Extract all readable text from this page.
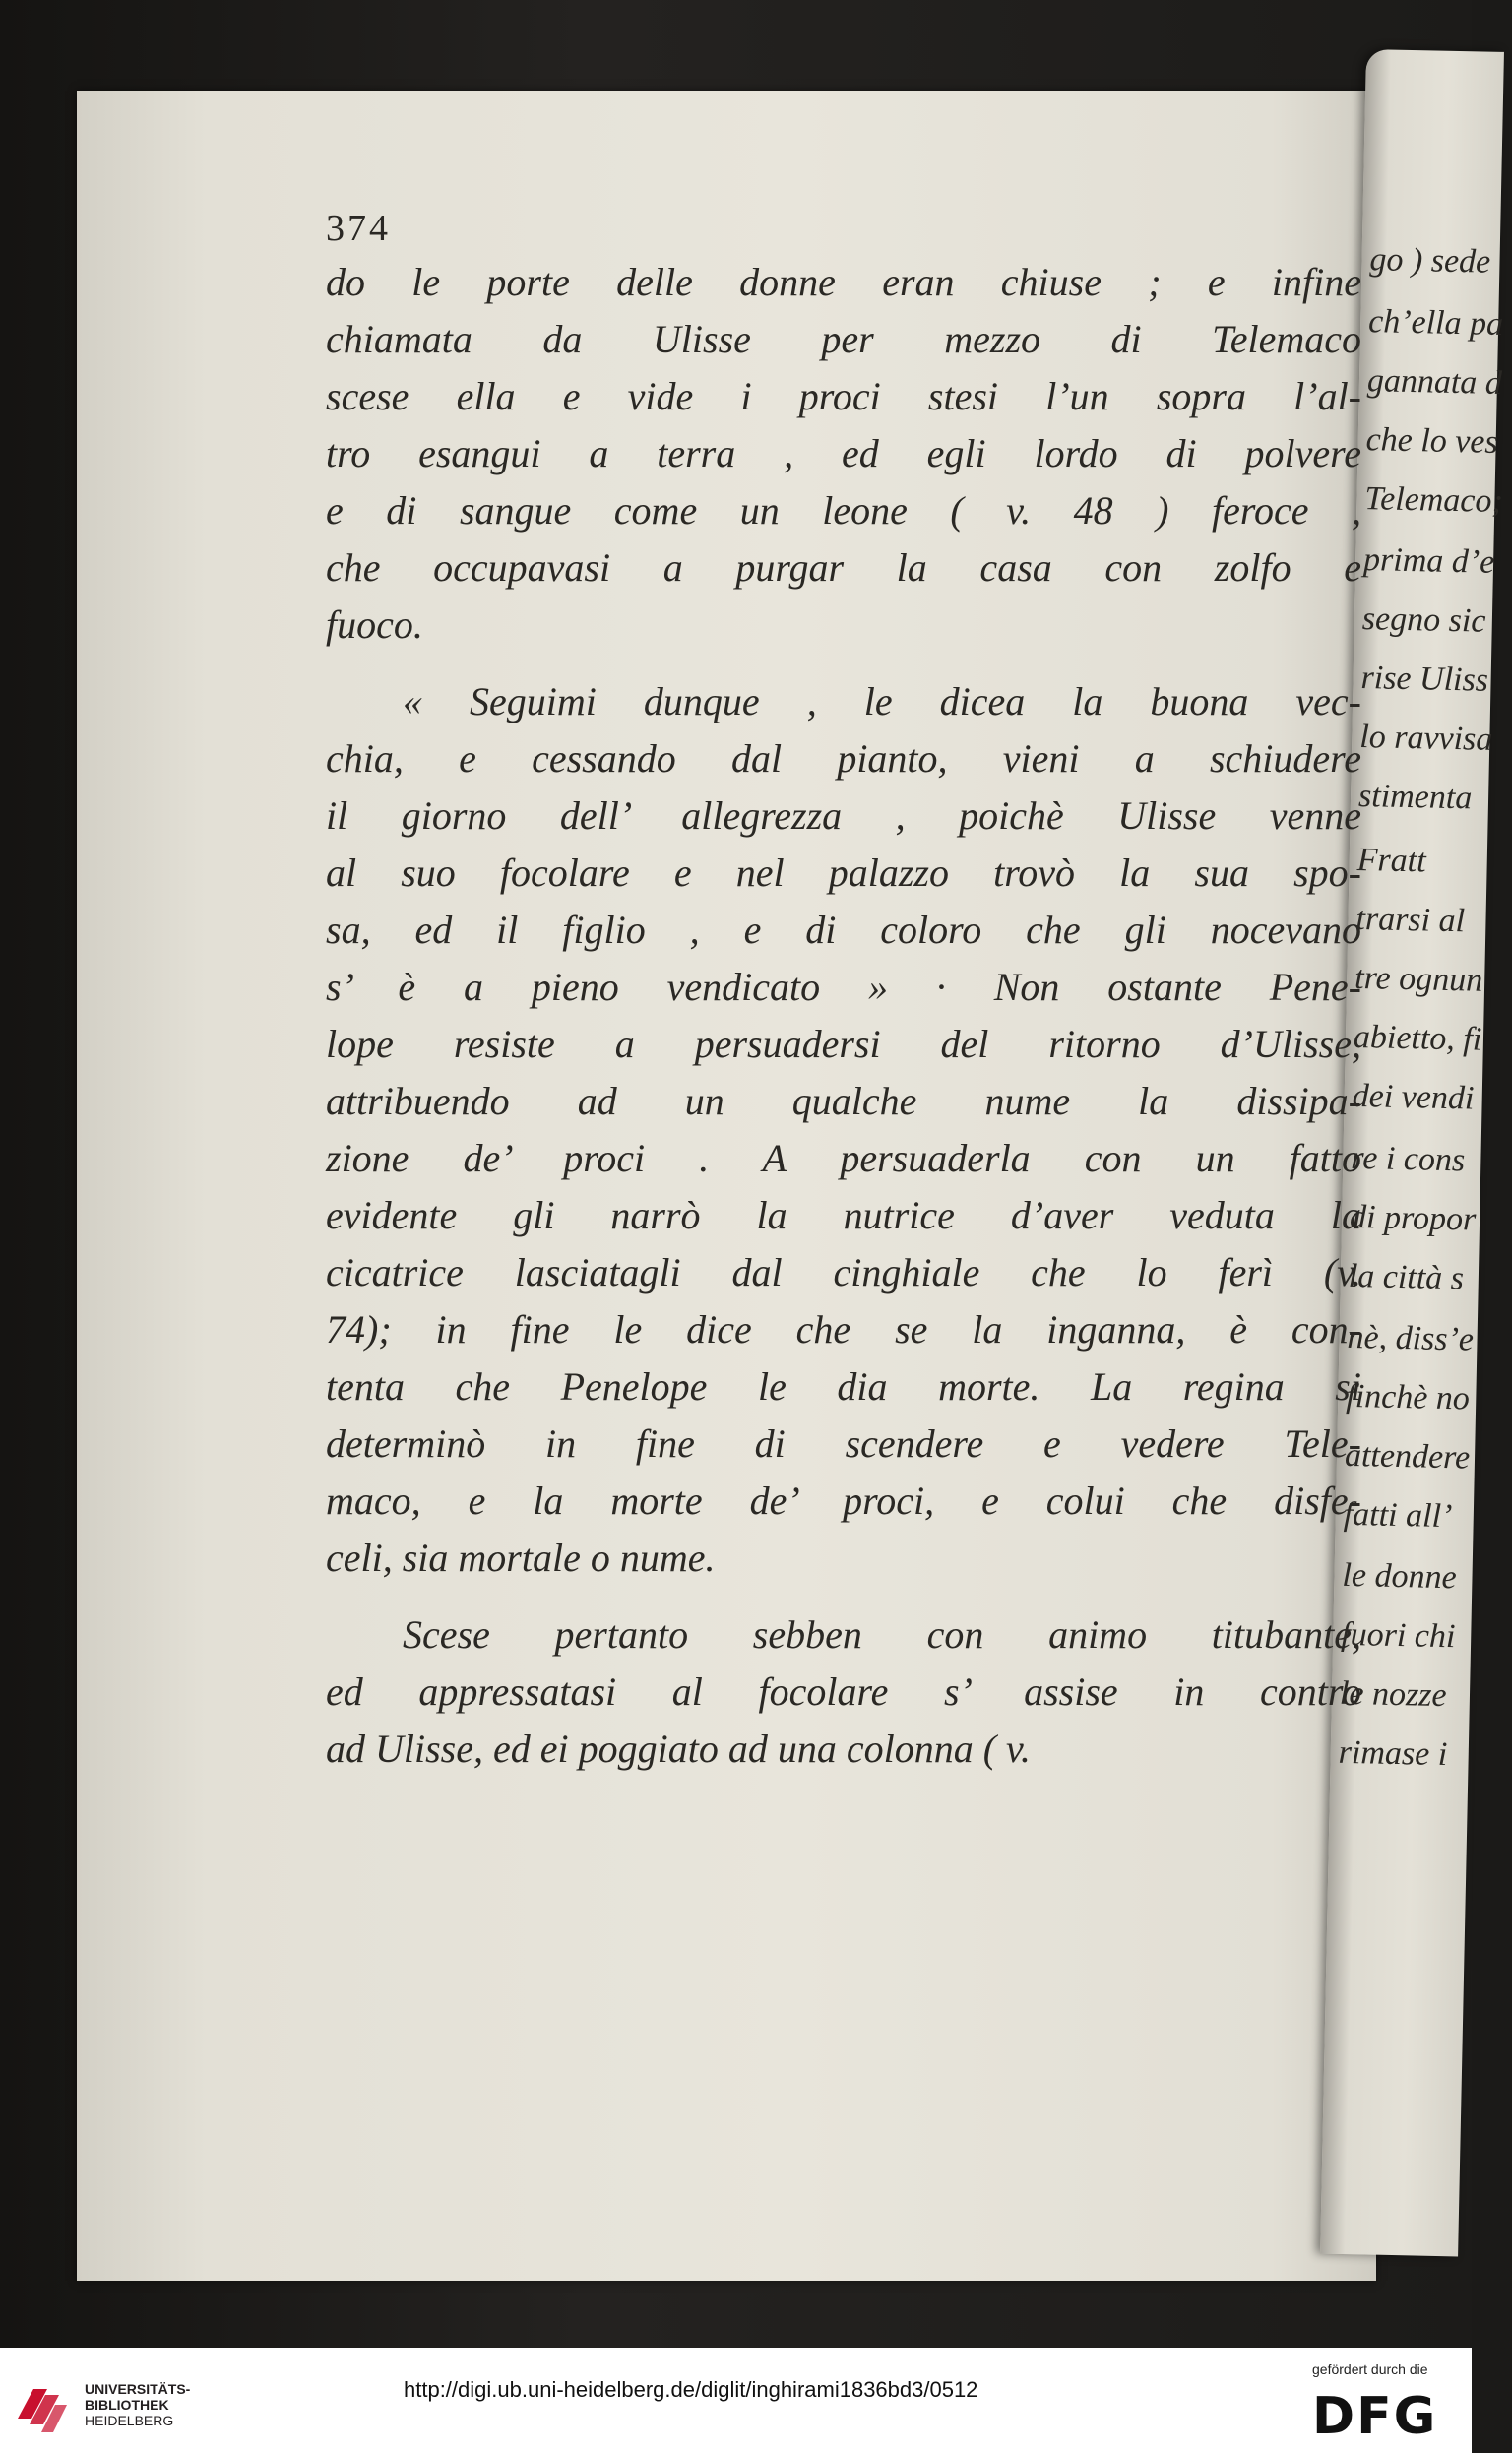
go ) sede
ch’ella pa
gannata d
che lo ves
Telemaco;
prima d’e
segno sic
rise Uliss
lo ravvisa
stimenta
Fratt
trarsi al
tre ognun
abietto, fi
dei vendi
re i cons
di propor
la città s
nè, diss’e
finchè no
attendere
fatti all’
le donne
fuori chi
le nozze
rimase i
374
do le porte delle donne eran chiuse ; e infine
chiamata da Ulisse per mezzo di Telemaco
scese ella e vide i proci stesi l’un sopra l’al-
tro esangui a terra , ed egli lordo di polvere
e di sangue come un leone ( v. 48 ) feroce ,
che occupavasi a purgar la casa con zolfo e
fuoco.
« Seguimi dunque , le dicea la buona vec-
chia, e cessando dal pianto, vieni a schiudere
il giorno dell’ allegrezza , poichè Ulisse venne
al suo focolare e nel palazzo trovò la sua spo-
sa, ed il figlio , e di coloro che gli nocevano
s’ è a pieno vendicato » · Non ostante Pene-
lope resiste a persuadersi del ritorno d’Ulisse,
attribuendo ad un qualche nume la dissipa-
zione de’ proci . A persuaderla con un fatto
evidente gli narrò la nutrice d’aver veduta la
cicatrice lasciatagli dal cinghiale che lo ferì (v.
74); in fine le dice che se la inganna, è con-
tenta che Penelope le dia morte. La regina si
determinò in fine di scendere e vedere Tele-
maco, e la morte de’ proci, e colui che disfe-
celi, sia mortale o nume.
Scese pertanto sebben con animo titubante,
ed appressatasi al focolare s’ assise in contro
ad Ulisse, ed ei poggiato ad una colonna ( v.
UNIVERSITÄTS-
BIBLIOTHEK
HEIDELBERG
http://digi.ub.uni-heidelberg.de/diglit/inghirami1836bd3/0512
gefördert durch die
DFG
